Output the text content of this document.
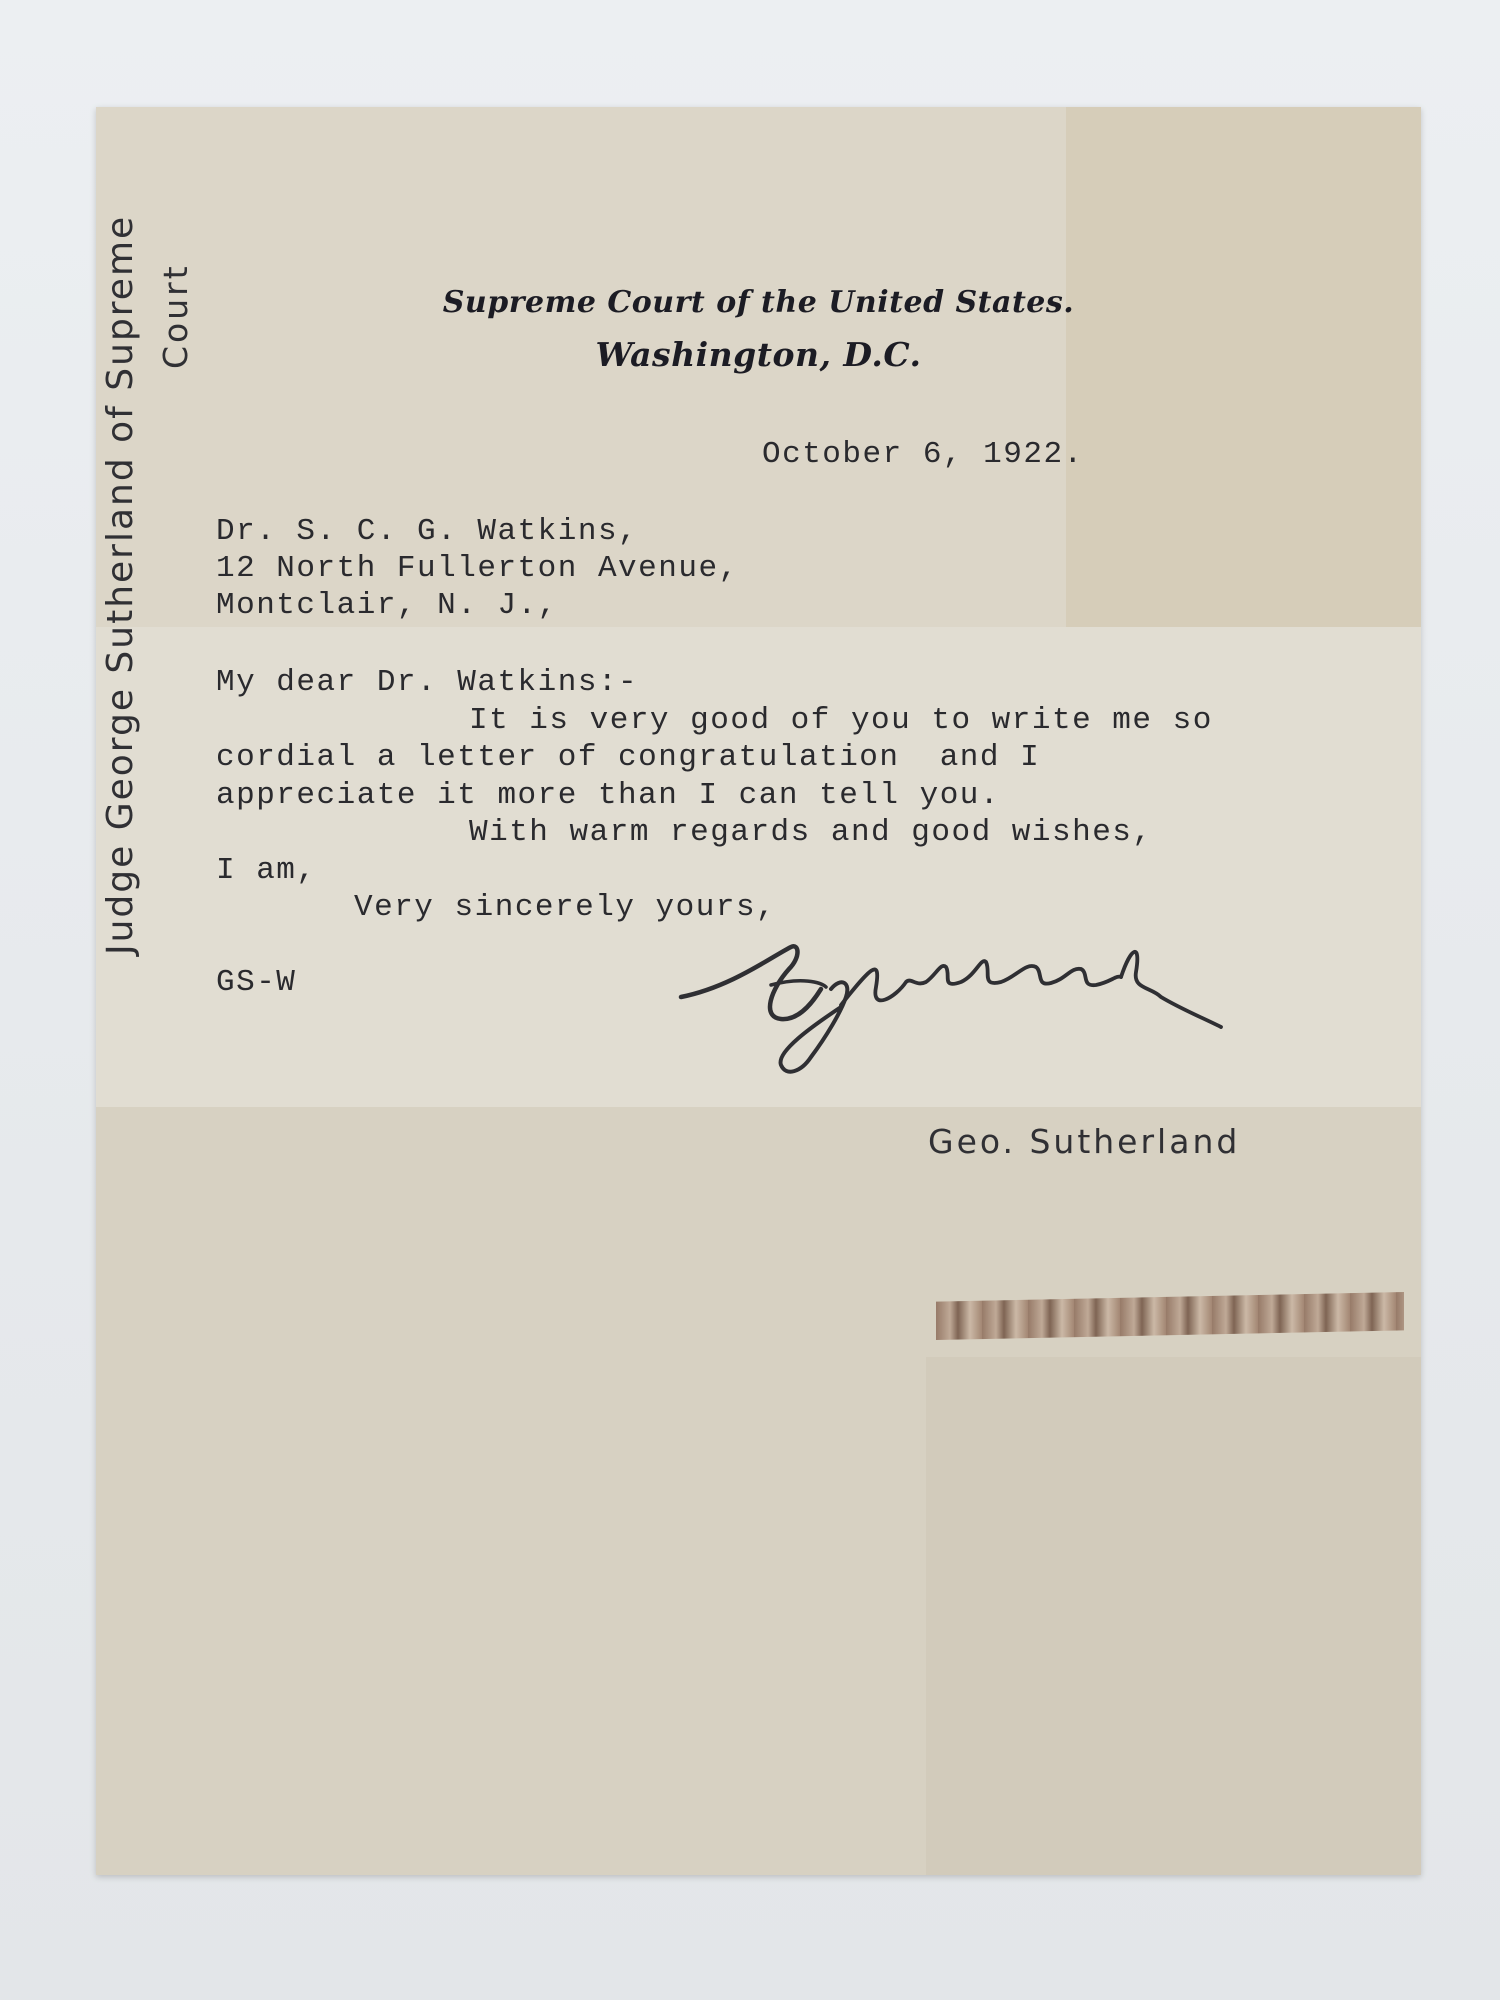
Supreme Court of the United States.
Washington, D.C.
October 6, 1922.
Dr. S. C. G. Watkins,
12 North Fullerton Avenue,
Montclair, N. J.,
My dear Dr. Watkins:-
It is very good of you to write me so
cordial a letter of congratulation  and I
appreciate it more than I can tell you.
With warm regards and good wishes,
I am,
Very sincerely yours,
GS-W
Geo. Sutherland
Judge George Sutherland of Supreme Court
